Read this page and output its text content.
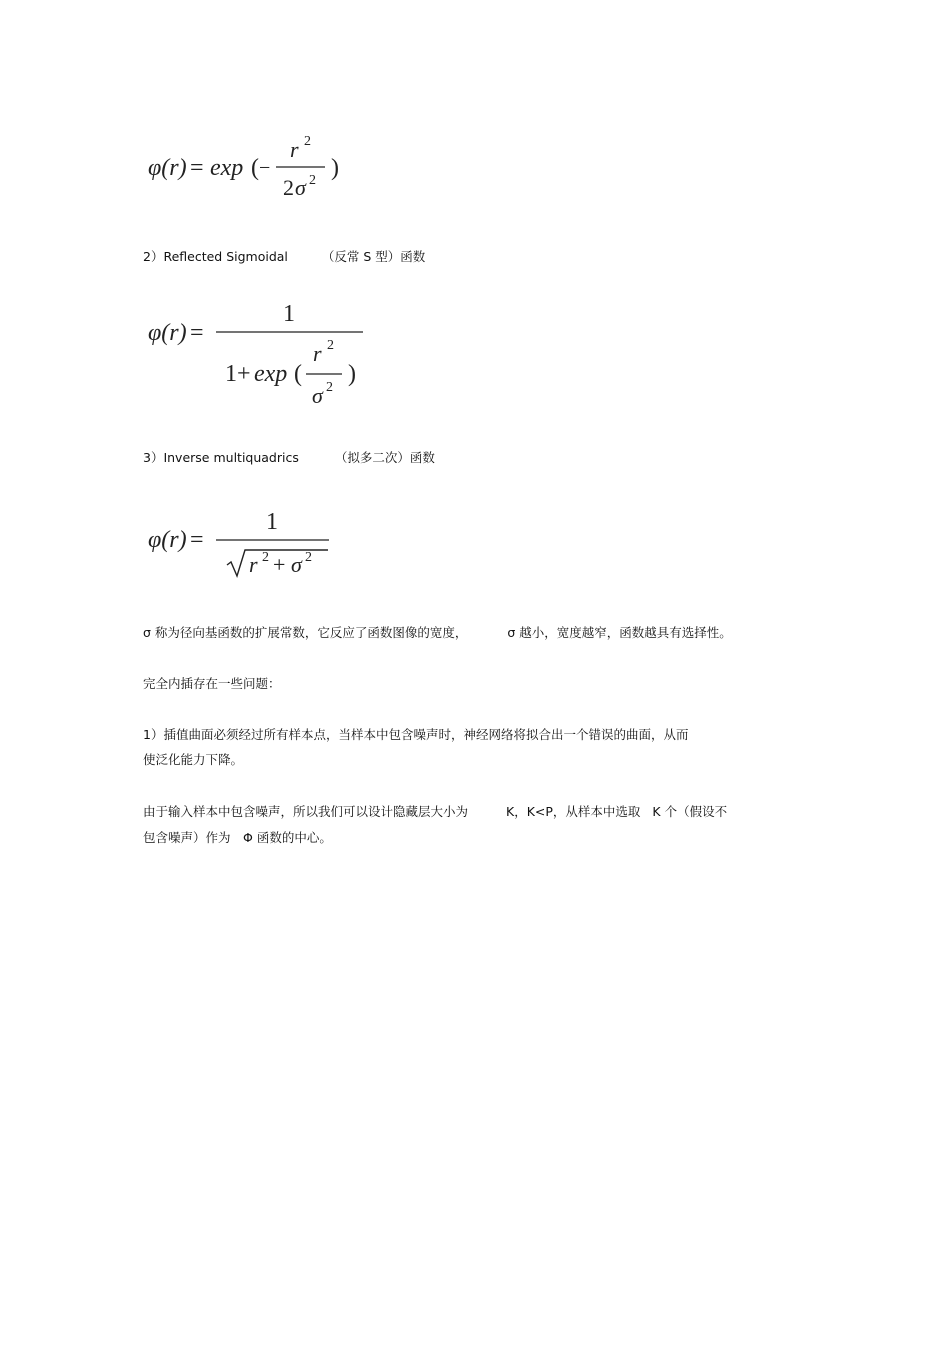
φ(r) = exp ( −
r 2
2 σ 2 )
2）Reflected Sigmoidal	（反常 S 型）函数
φ(r) =
1
1 + exp (
r 2
σ 2
)
3）Inverse multiquadrics	（拟多二次）函数
φ(r) =
1
r 2 + σ 2
σ 称为径向基函数的扩展常数，它反应了函数图像的宽度，	σ 越小，宽度越窄，函数越具有选择性。
完全内插存在一些问题：
1）插值曲面必须经过所有样本点，当样本中包含噪声时，神经网络将拟合出一个错误的曲面，从而
使泛化能力下降。
由于输入样本中包含噪声，所以我们可以设计隐藏层大小为	K，K<P，从样本中选取 K 个（假设不
包含噪声）作为　Φ 函数的中心。
